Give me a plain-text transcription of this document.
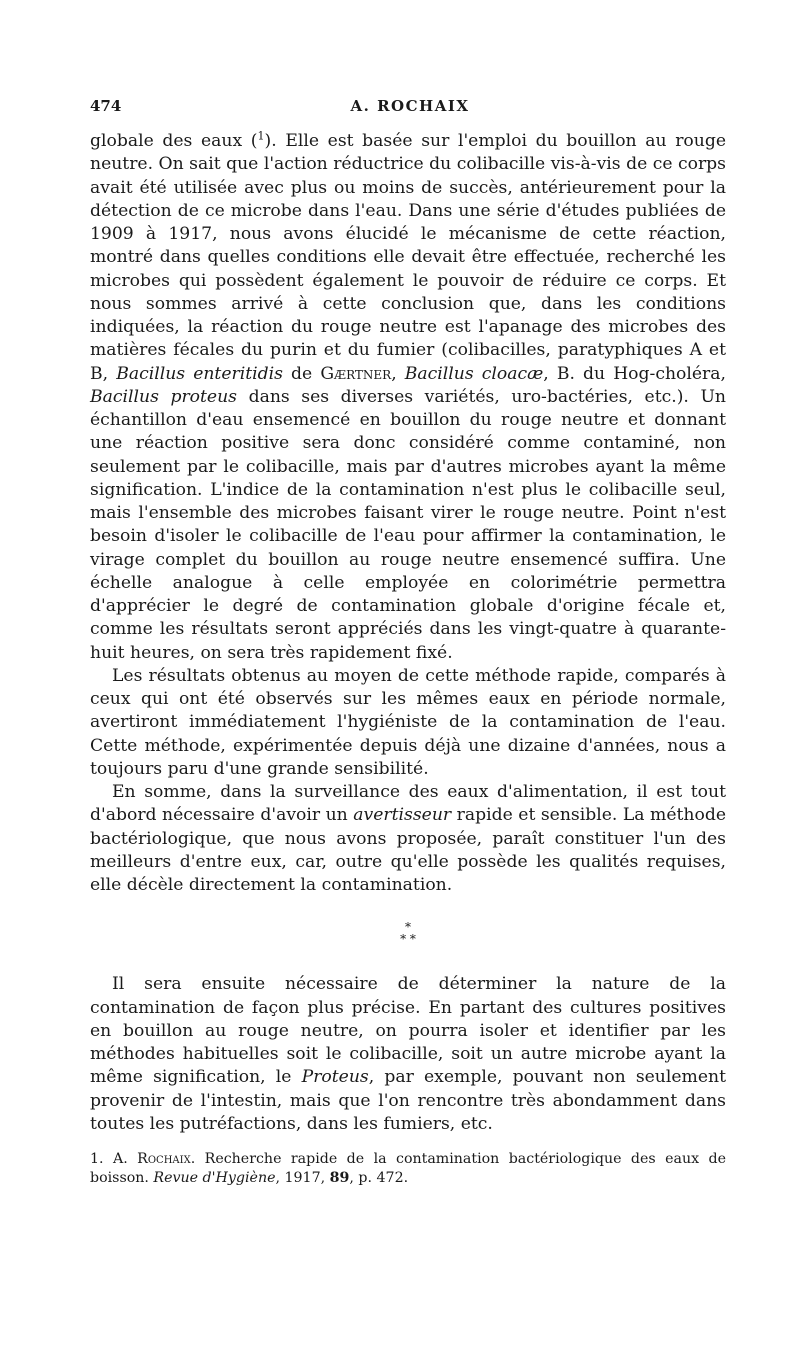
474	A. ROCHAIX

globale des eaux ($^1$). Elle est basée sur l'emploi du bouillon au rouge neutre. On sait que l'action réductrice du colibacille vis-à-vis de ce corps avait été utilisée avec plus ou moins de succès, antérieurement pour la détection de ce microbe dans l'eau. Dans une série d'études publiées de 1909 à 1917, nous avons élucidé le mécanisme de cette réaction, montré dans quelles conditions elle devait être effectuée, recherché les microbes qui possèdent également le pouvoir de réduire ce corps. Et nous sommes arrivé à cette conclusion que, dans les conditions indiquées, la réaction du rouge neutre est l'apanage des microbes des matières fécales du purin et du fumier (colibacilles, paratyphiques A et B, Bacillus enteritidis de Gærtner, Bacillus cloacæ, B. du Hog-choléra, Bacillus proteus dans ses diverses variétés, uro-bactéries, etc.). Un échantillon d'eau ensemencé en bouillon du rouge neutre et donnant une réaction positive sera donc considéré comme contaminé, non seulement par le colibacille, mais par d'autres microbes ayant la même signification. L'indice de la contamination n'est plus le colibacille seul, mais l'ensemble des microbes faisant virer le rouge neutre. Point n'est besoin d'isoler le colibacille de l'eau pour affirmer la contamination, le virage complet du bouillon au rouge neutre ensemencé suffira. Une échelle analogue à celle employée en colorimétrie permettra d'apprécier le degré de contamination globale d'origine fécale et, comme les résultats seront appréciés dans les vingt-quatre à quarante-huit heures, on sera très rapidement fixé.

Les résultats obtenus au moyen de cette méthode rapide, comparés à ceux qui ont été observés sur les mêmes eaux en période normale, avertiront immédiatement l'hygiéniste de la contamination de l'eau. Cette méthode, expérimentée depuis déjà une dizaine d'années, nous a toujours paru d'une grande sensibilité.

En somme, dans la surveillance des eaux d'alimentation, il est tout d'abord nécessaire d'avoir un avertisseur rapide et sensible. La méthode bactériologique, que nous avons proposée, paraît constituer l'un des meilleurs d'entre eux, car, outre qu'elle possède les qualités requises, elle décèle directement la contamination.

*
* *

Il sera ensuite nécessaire de déterminer la nature de la contamination de façon plus précise. En partant des cultures positives en bouillon au rouge neutre, on pourra isoler et identifier par les méthodes habituelles soit le colibacille, soit un autre microbe ayant la même signification, le Proteus, par exemple, pouvant non seulement provenir de l'intestin, mais que l'on rencontre très abondamment dans toutes les putréfactions, dans les fumiers, etc.

1. A. Rochaix. Recherche rapide de la contamination bactériologique des eaux de boisson. Revue d'Hygiène, 1917, 89, p. 472.
